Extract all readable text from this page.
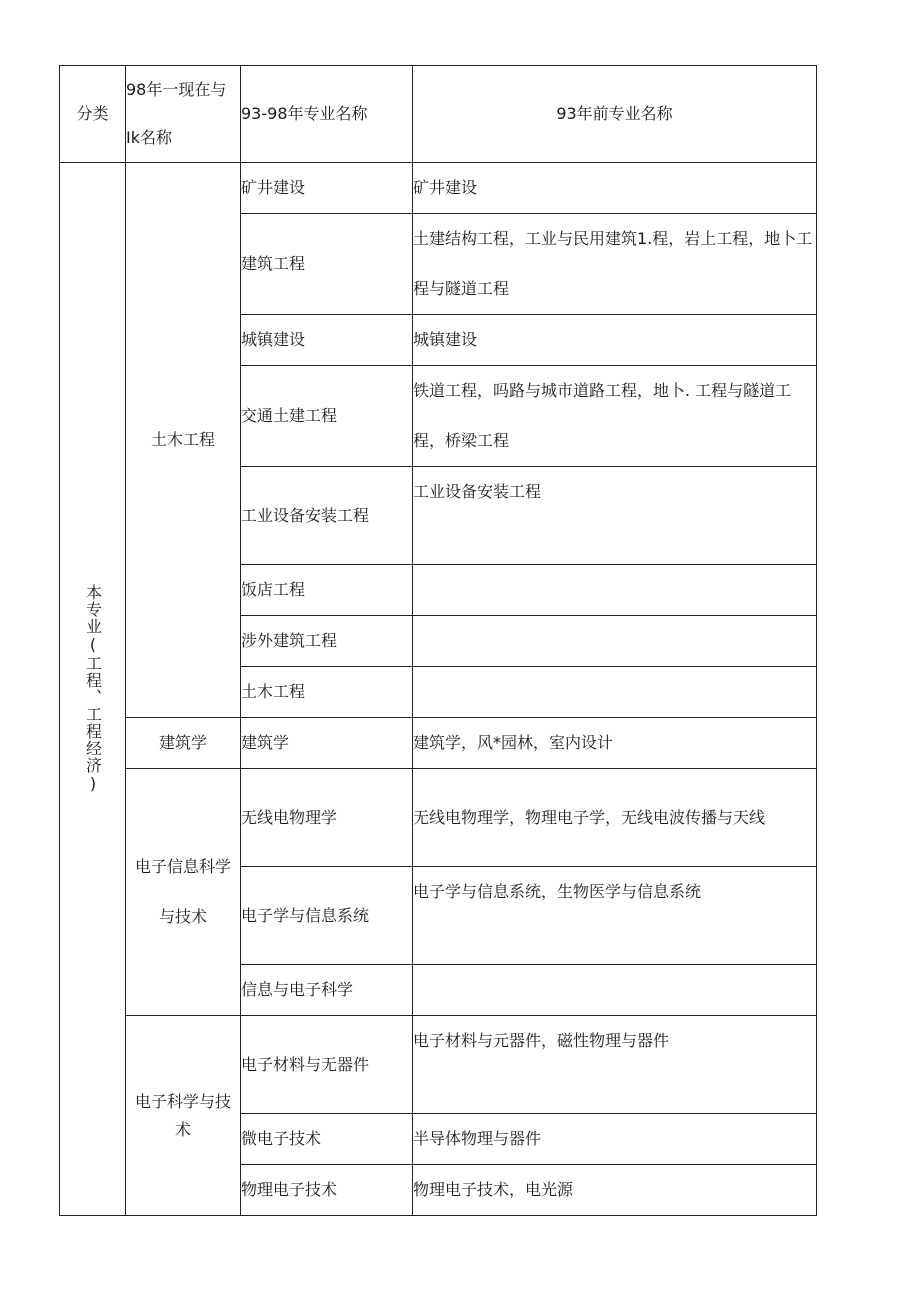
分类	98年一现在与Ik名称	93-98年专业名称	93年前专业名称

本专业(工程、工程经济)	土木工程	矿井建设	矿井建设
		建筑工程	土建结构工程，工业与民用建筑1.程，岩上工程，地卜工程与隧道工程
		城镇建设	城镇建设
		交通土建工程	铁道工程，吗路与城市道路工程，地卜. 工程与隧道工程，桥梁工程
		工业设备安装工程	工业设备安装工程
		饭店工程	
		涉外建筑工程	
		土木工程	
	建筑学	建筑学	建筑学，风*园林，室内设计
	电子信息科学与技术	无线电物理学	无线电物理学，物理电子学，无线电波传播与天线
		电子学与信息系统	电子学与信息系统，生物医学与信息系统
		信息与电子科学	
	电子科学与技术	电子材料与无器件	电子材料与元器件，磁性物理与器件
		微电子技术	半导体物理与器件
		物理电子技术	物理电子技术，电光源
